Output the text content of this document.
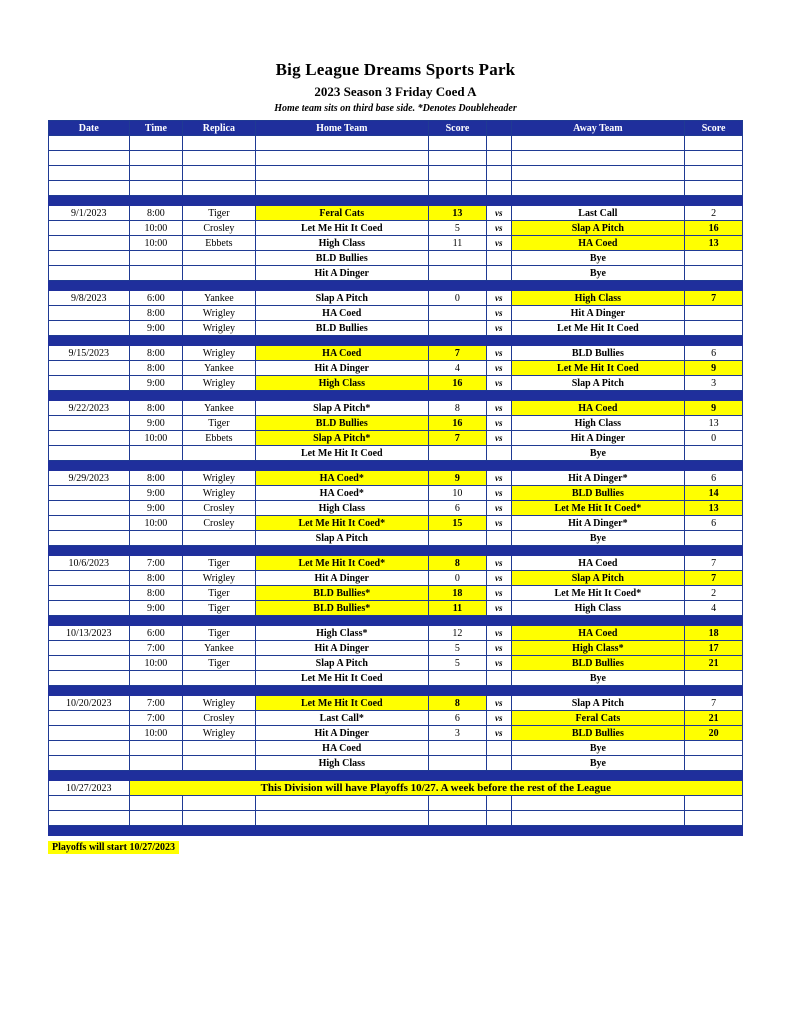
Big League Dreams Sports Park
2023 Season 3 Friday Coed A
Home team sits on third base side. *Denotes Doubleheader
Date	Time	Replica	Home Team	Score		Away Team	Score

9/1/2023	8:00	Tiger	Feral Cats	13	vs	Last Call	2
	10:00	Crosley	Let Me Hit It Coed	5	vs	Slap A Pitch	16
	10:00	Ebbets	High Class	11	vs	HA Coed	13
			BLD Bullies			Bye	
			Hit A Dinger			Bye	

9/8/2023	6:00	Yankee	Slap A Pitch	0	vs	High Class	7
	8:00	Wrigley	HA Coed		vs	Hit A Dinger	
	9:00	Wrigley	BLD Bullies		vs	Let Me Hit It Coed	

9/15/2023	8:00	Wrigley	HA Coed	7	vs	BLD Bullies	6
	8:00	Yankee	Hit A Dinger	4	vs	Let Me Hit It Coed	9
	9:00	Wrigley	High Class	16	vs	Slap A Pitch	3

9/22/2023	8:00	Yankee	Slap A Pitch*	8	vs	HA Coed	9
	9:00	Tiger	BLD Bullies	16	vs	High Class	13
	10:00	Ebbets	Slap A Pitch*	7	vs	Hit A Dinger	0
			Let Me Hit It Coed			Bye	

9/29/2023	8:00	Wrigley	HA Coed*	9	vs	Hit A Dinger*	6
	9:00	Wrigley	HA Coed*	10	vs	BLD Bullies	14
	9:00	Crosley	High Class	6	vs	Let Me Hit It Coed*	13
	10:00	Crosley	Let Me Hit It Coed*	15	vs	Hit A Dinger*	6
			Slap A Pitch			Bye	

10/6/2023	7:00	Tiger	Let Me Hit It Coed*	8	vs	HA Coed	7
	8:00	Wrigley	Hit A Dinger	0	vs	Slap A Pitch	7
	8:00	Tiger	BLD Bullies*	18	vs	Let Me Hit It Coed*	2
	9:00	Tiger	BLD Bullies*	11	vs	High Class	4

10/13/2023	6:00	Tiger	High Class*	12	vs	HA Coed	18
	7:00	Yankee	Hit A Dinger	5	vs	High Class*	17
	10:00	Tiger	Slap A Pitch	5	vs	BLD Bullies	21
			Let Me Hit It Coed			Bye	

10/20/2023	7:00	Wrigley	Let Me Hit It Coed	8	vs	Slap A Pitch	7
	7:00	Crosley	Last Call*	6	vs	Feral Cats	21
	10:00	Wrigley	Hit A Dinger	3	vs	BLD Bullies	20
			HA Coed			Bye	
			High Class			Bye	

10/27/2023	This Division will have Playoffs 10/27. A week before the rest of the League						

Playoffs will start 10/27/2023
